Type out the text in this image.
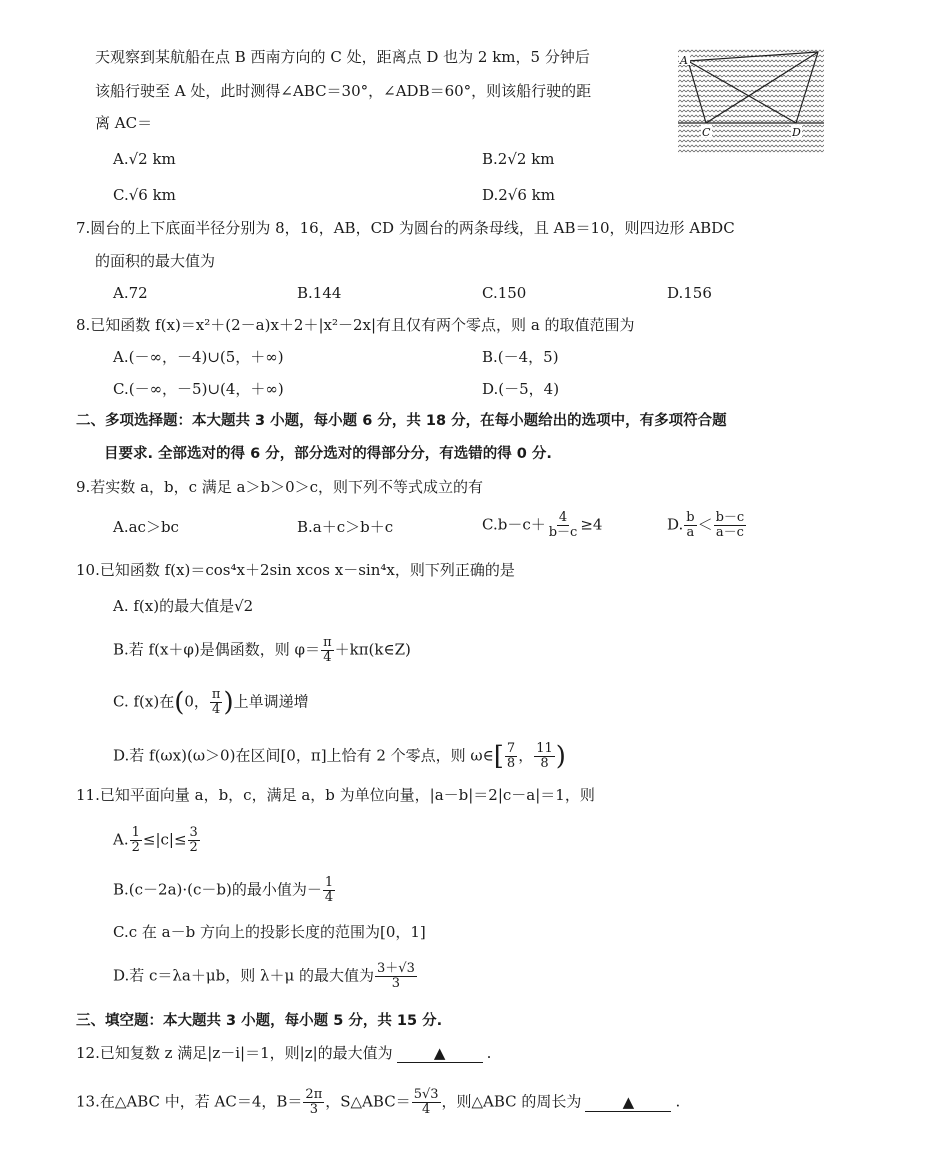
天观察到某航船在点 B 西南方向的 C 处，距离点 D 也为 2 km，5 分钟后
该船行驶至 A 处，此时测得∠ABC＝30°，∠ADB＝60°，则该船行驶的距
离 AC＝
A.√2 km	B.2√2 km
C.√6 km	D.2√6 km
A
C	D
7.圆台的上下底面半径分别为 8，16，AB，CD 为圆台的两条母线，且 AB＝10，则四边形 ABDC
的面积的最大值为
A.72	B.144	C.150	D.156
8.已知函数 f(x)＝x²＋(2－a)x＋2＋|x²－2x|有且仅有两个零点，则 a 的取值范围为
A.(－∞，－4)∪(5，＋∞)	B.(－4，5)
C.(－∞，－5)∪(4，＋∞)	D.(－5，4)
二、多项选择题：本大题共 3 小题，每小题 6 分，共 18 分，在每小题给出的选项中，有多项符合题
目要求. 全部选对的得 6 分，部分选对的得部分分，有选错的得 0 分.
9.若实数 a，b，c 满足 a＞b＞0＞c，则下列不等式成立的有
A.ac＞bc	B.a＋c＞b＋c	$C.b-c+ \frac{4}{b-c} \ge 4$	D. $\frac{b}{a} < \frac{b-c}{a-c}$
10.已知函数 f(x)＝cos⁴x＋2sin xcos x－sin⁴x，则下列正确的是
A. f(x)的最大值是√2
B.若 f(x＋φ)是偶函数，则 $\varphi= \frac{\pi}{4}$ ＋kπ(k∈Z)
C. f(x)在(0， $\frac{\pi}{4}$ )上单调递增
D.若 f(ωx)(ω＞0)在区间[0，π]上恰有 2 个零点，则 ω∈[ $\frac{7}{8}$ ， $\frac{11}{8}$ )
11.已知平面向量 a，b，c，满足 a，b 为单位向量，|a－b|＝2|c－a|＝1，则
A. $\frac{1}{2} \le|c|\le \frac{3}{2}$
B.(c－2a)·(c－b)的最小值为－ $\frac{1}{4}$
C.c 在 a－b 方向上的投影长度的范围为[0，1]
D.若 c＝λa＋μb，则 λ＋μ 的最大值为 $\frac{3+√3}{3}$
三、填空题：本大题共 3 小题，每小题 5 分，共 15 分.
12.已知复数 z 满足|z－i|＝1，则|z|的最大值为	▲	.
13.在△ABC 中，若 AC＝4，$B= \frac{2\pi}{3}$ ，S△ABC＝ $\frac{5√3}{4}$ ，则△ABC 的周长为	▲	.
